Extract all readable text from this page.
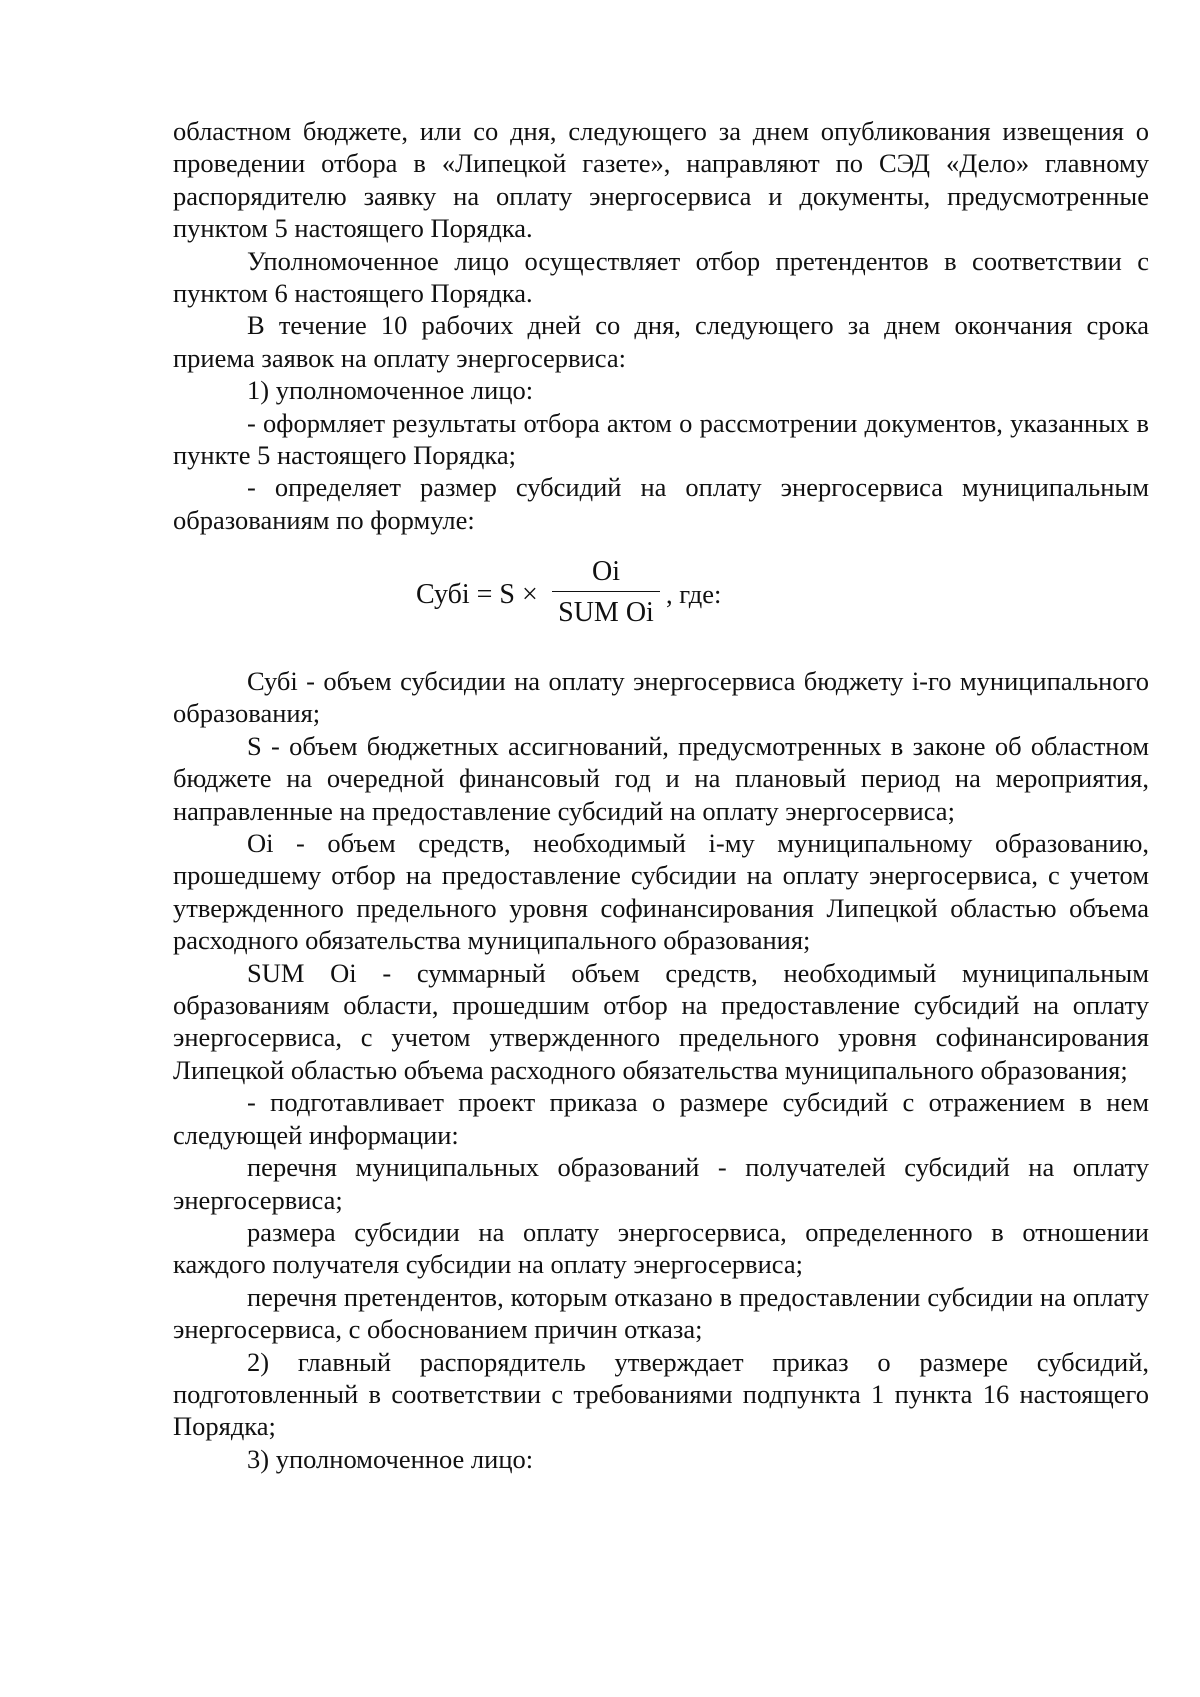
областном бюджете, или со дня, следующего за днем опубликования извещения о проведении отбора в «Липецкой газете», направляют по СЭД «Дело» главному распорядителю заявку на оплату энергосервиса и документы, предусмотренные пунктом 5 настоящего Порядка.

Уполномоченное лицо осуществляет отбор претендентов в соответствии с пунктом 6 настоящего Порядка.

В течение 10 рабочих дней со дня, следующего за днем окончания срока приема заявок на оплату энергосервиса:

1) уполномоченное лицо:

- оформляет результаты отбора актом о рассмотрении документов, указанных в пункте 5 настоящего Порядка;

- определяет размер субсидий на оплату энергосервиса муниципальным образованиям по формуле:

Субi = S ×
Oi
SUM Oi
, где:

Субi - объем субсидии на оплату энергосервиса бюджету i-го муниципального образования;

S - объем бюджетных ассигнований, предусмотренных в законе об областном бюджете на очередной финансовый год и на плановый период на мероприятия, направленные на предоставление субсидий на оплату энергосервиса;

Oi - объем средств, необходимый i-му муниципальному образованию, прошедшему отбор на предоставление субсидии на оплату энергосервиса, с учетом утвержденного предельного уровня софинансирования Липецкой областью объема расходного обязательства муниципального образования;

SUM Oi - суммарный объем средств, необходимый муниципальным образованиям области, прошедшим отбор на предоставление субсидий на оплату энергосервиса, с учетом утвержденного предельного уровня софинансирования Липецкой областью объема расходного обязательства муниципального образования;

- подготавливает проект приказа о размере субсидий с отражением в нем следующей информации:

перечня муниципальных образований - получателей субсидий на оплату энергосервиса;

размера субсидии на оплату энергосервиса, определенного в отношении каждого получателя субсидии на оплату энергосервиса;

перечня претендентов, которым отказано в предоставлении субсидии на оплату энергосервиса, с обоснованием причин отказа;

2) главный распорядитель утверждает приказ о размере субсидий, подготовленный в соответствии с требованиями подпункта 1 пункта 16 настоящего Порядка;

3) уполномоченное лицо:
